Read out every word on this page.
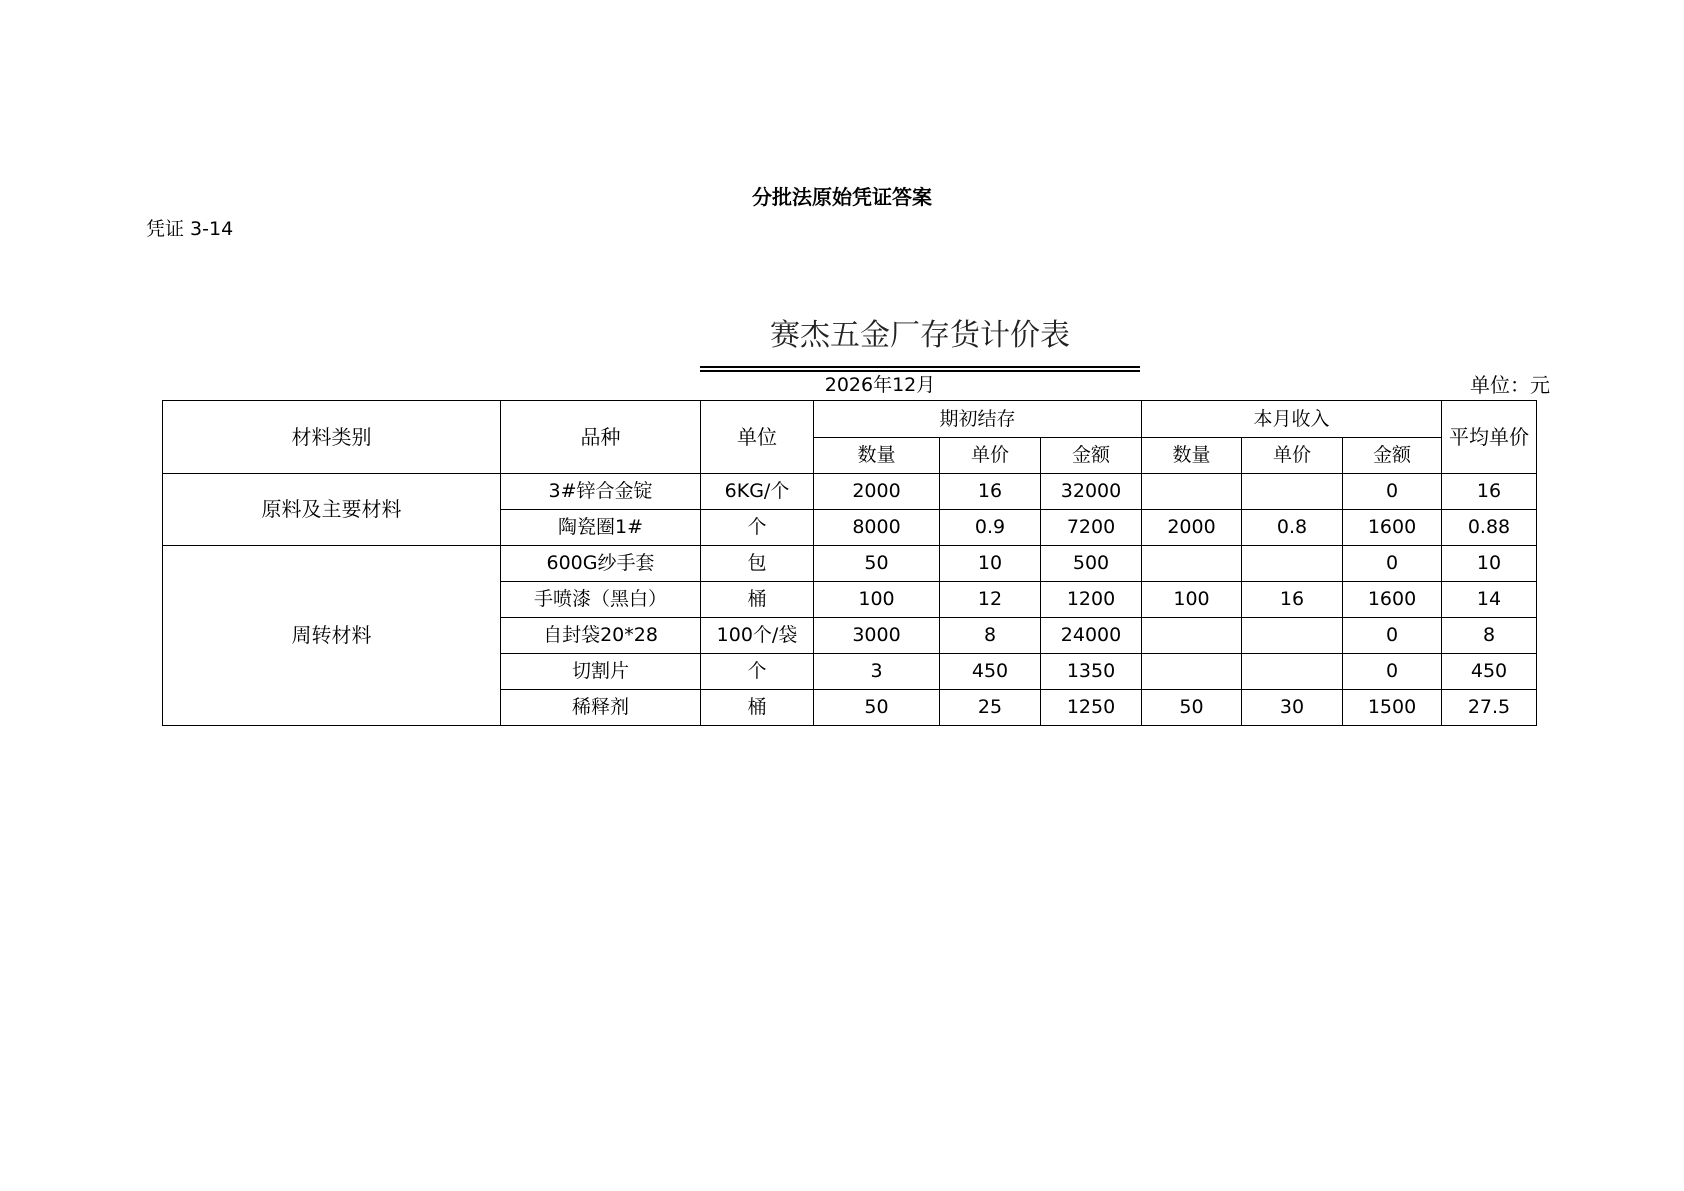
分批法原始凭证答案
凭证 3-14
赛杰五金厂存货计价表
2026年12月	单位：元
材料类别	品种	单位	期初结存			本月收入			平均单价
			数量	单价	金额	数量	单价	金额	
原料及主要材料	3#锌合金锭	6KG/个	2000	16	32000			0	16
	陶瓷圈1#	个	8000	0.9	7200	2000	0.8	1600	0.88
周转材料	600G纱手套	包	50	10	500			0	10
	手喷漆（黑白）	桶	100	12	1200	100	16	1600	14
	自封袋20*28	100个/袋	3000	8	24000			0	8
	切割片	个	3	450	1350			0	450
	稀释剂	桶	50	25	1250	50	30	1500	27.5
